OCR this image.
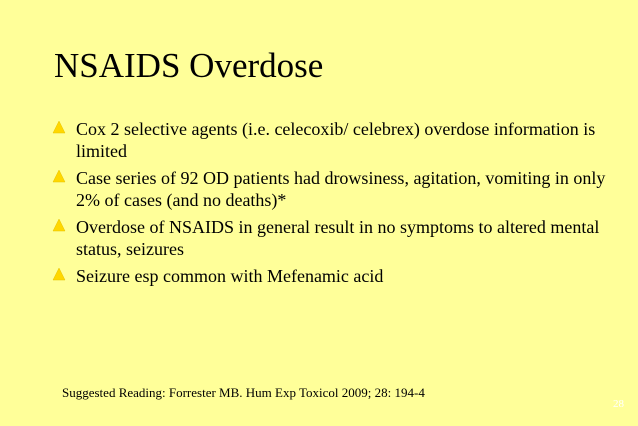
NSAIDS Overdose
Cox 2 selective agents (i.e. celecoxib/ celebrex) overdose information is limited
Case series of 92 OD patients had drowsiness, agitation, vomiting in only 2% of cases (and no deaths)*
Overdose of NSAIDS in general result in no symptoms to altered mental status, seizures
Seizure esp common with Mefenamic acid
Suggested Reading: Forrester MB. Hum Exp Toxicol 2009; 28: 194-4
28
